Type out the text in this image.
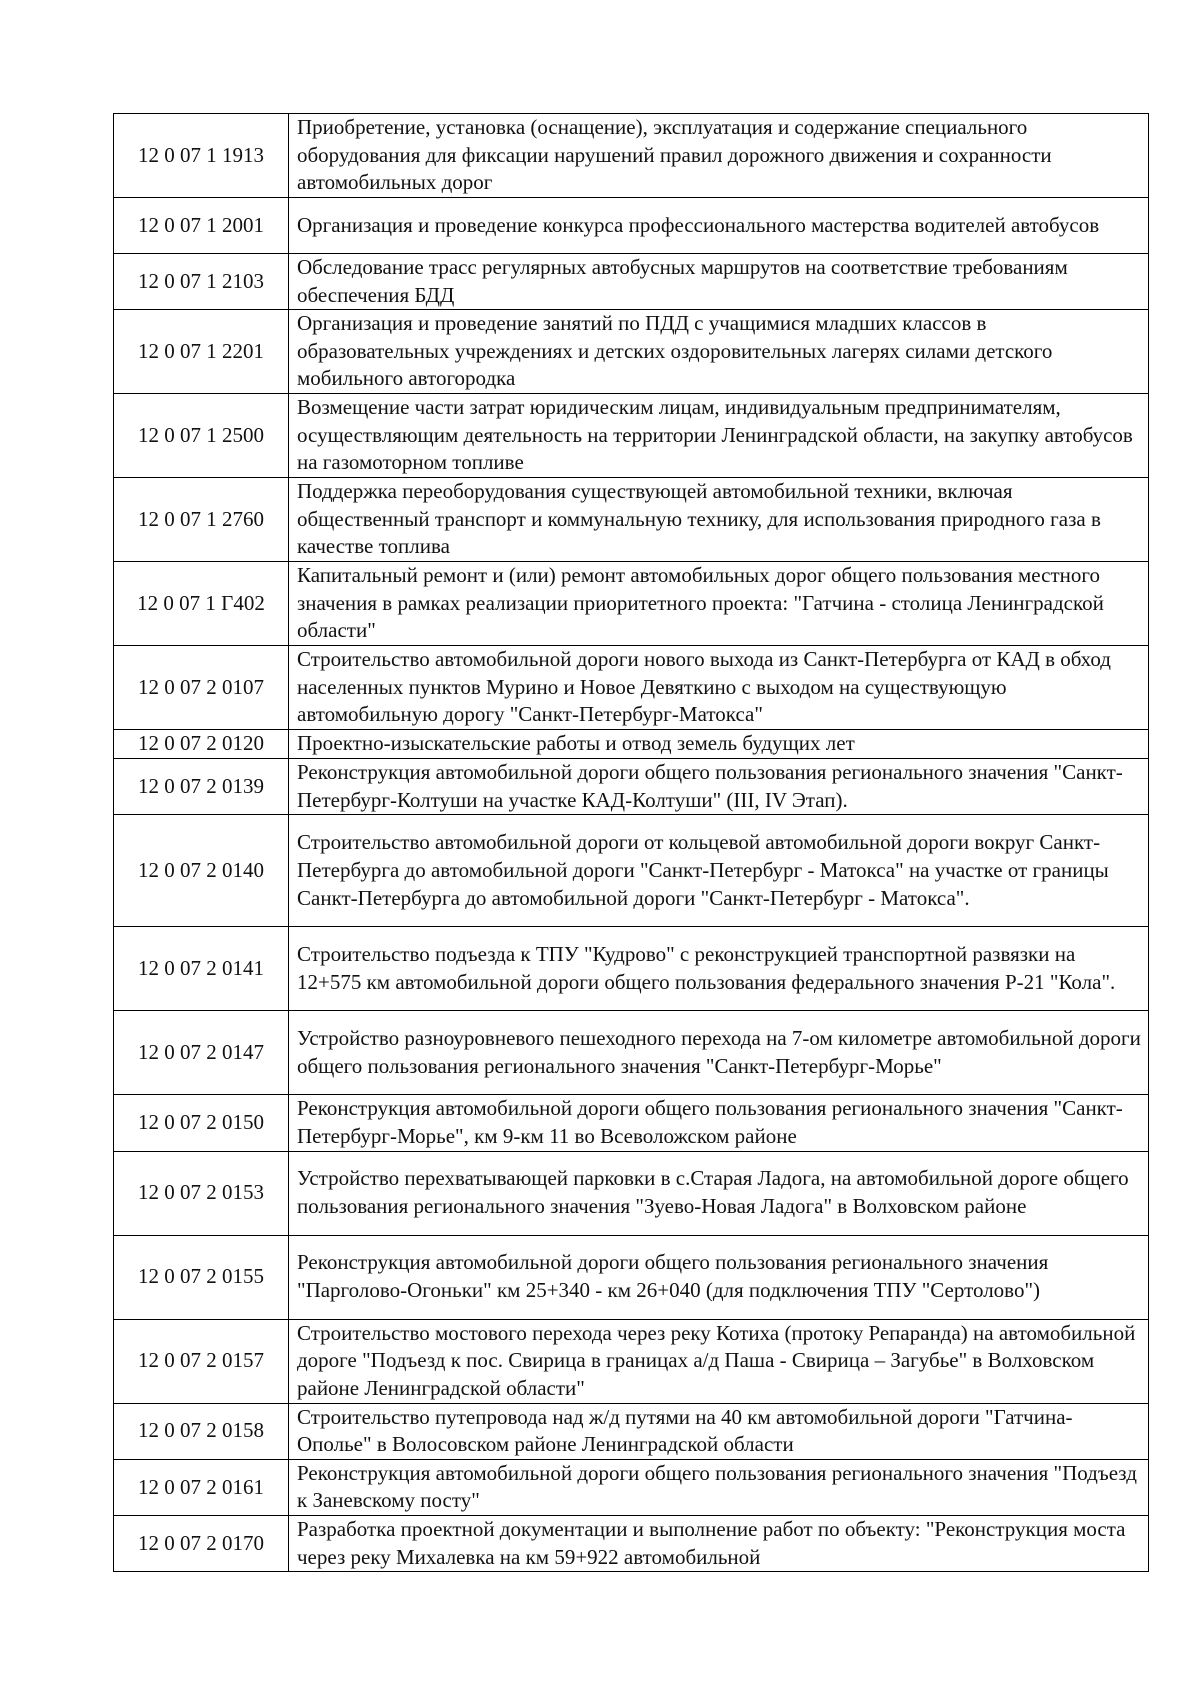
12 0 07 1 1913	Приобретение, установка (оснащение), эксплуатация и содержание специального оборудования для фиксации нарушений правил дорожного движения и сохранности автомобильных дорог
12 0 07 1 2001	Организация и проведение конкурса профессионального мастерства водителей автобусов
12 0 07 1 2103	Обследование трасс регулярных автобусных маршрутов на соответствие требованиям обеспечения БДД
12 0 07 1 2201	Организация и проведение занятий по ПДД с учащимися младших классов в образовательных учреждениях и детских оздоровительных лагерях силами детского мобильного автогородка
12 0 07 1 2500	Возмещение части затрат юридическим лицам, индивидуальным предпринимателям, осуществляющим деятельность на территории Ленинградской области, на закупку автобусов на газомоторном топливе
12 0 07 1 2760	Поддержка переоборудования существующей автомобильной техники, включая общественный транспорт и коммунальную технику, для использования природного газа в качестве топлива
12 0 07 1 Г402	Капитальный ремонт и (или) ремонт автомобильных дорог общего пользования местного значения в рамках реализации приоритетного проекта: "Гатчина - столица Ленинградской области"
12 0 07 2 0107	Строительство автомобильной дороги нового выхода из Санкт-Петербурга от КАД в обход населенных пунктов Мурино и Новое Девяткино с выходом на существующую автомобильную дорогу "Санкт-Петербург-Матокса"
12 0 07 2 0120	Проектно-изыскательские работы и отвод земель будущих лет
12 0 07 2 0139	Реконструкция автомобильной дороги общего пользования регионального значения "Санкт-Петербург-Колтуши на участке КАД-Колтуши" (III, IV Этап).
12 0 07 2 0140	Строительство автомобильной дороги от кольцевой автомобильной дороги вокруг Санкт-Петербурга до автомобильной дороги "Санкт-Петербург - Матокса" на участке от границы Санкт-Петербурга до автомобильной дороги "Санкт-Петербург - Матокса".
12 0 07 2 0141	Строительство подъезда к ТПУ "Кудрово" с реконструкцией транспортной развязки на 12+575 км автомобильной дороги общего пользования федерального значения Р-21 "Кола".
12 0 07 2 0147	Устройство разноуровневого пешеходного перехода на 7-ом километре автомобильной дороги общего пользования регионального значения "Санкт-Петербург-Морье"
12 0 07 2 0150	Реконструкция автомобильной дороги общего пользования регионального значения "Санкт-Петербург-Морье", км 9-км 11 во Всеволожском районе
12 0 07 2 0153	Устройство перехватывающей парковки в с.Старая Ладога, на автомобильной дороге общего пользования регионального значения "Зуево-Новая Ладога" в Волховском районе
12 0 07 2 0155	Реконструкция автомобильной дороги общего пользования регионального значения "Парголово-Огоньки" км 25+340 - км 26+040 (для подключения ТПУ "Сертолово")
12 0 07 2 0157	Строительство мостового перехода через реку Котиха (протоку Репаранда) на автомобильной дороге "Подъезд к пос. Свирица в границах а/д Паша - Свирица – Загубье" в Волховском районе Ленинградской области"
12 0 07 2 0158	Строительство путепровода над ж/д путями на 40 км автомобильной дороги "Гатчина-Ополье" в Волосовском районе Ленинградской области
12 0 07 2 0161	Реконструкция автомобильной дороги общего пользования регионального значения "Подъезд к Заневскому посту"
12 0 07 2 0170	Разработка проектной документации и выполнение работ по объекту: "Реконструкция моста через реку Михалевка на км 59+922 автомобильной
